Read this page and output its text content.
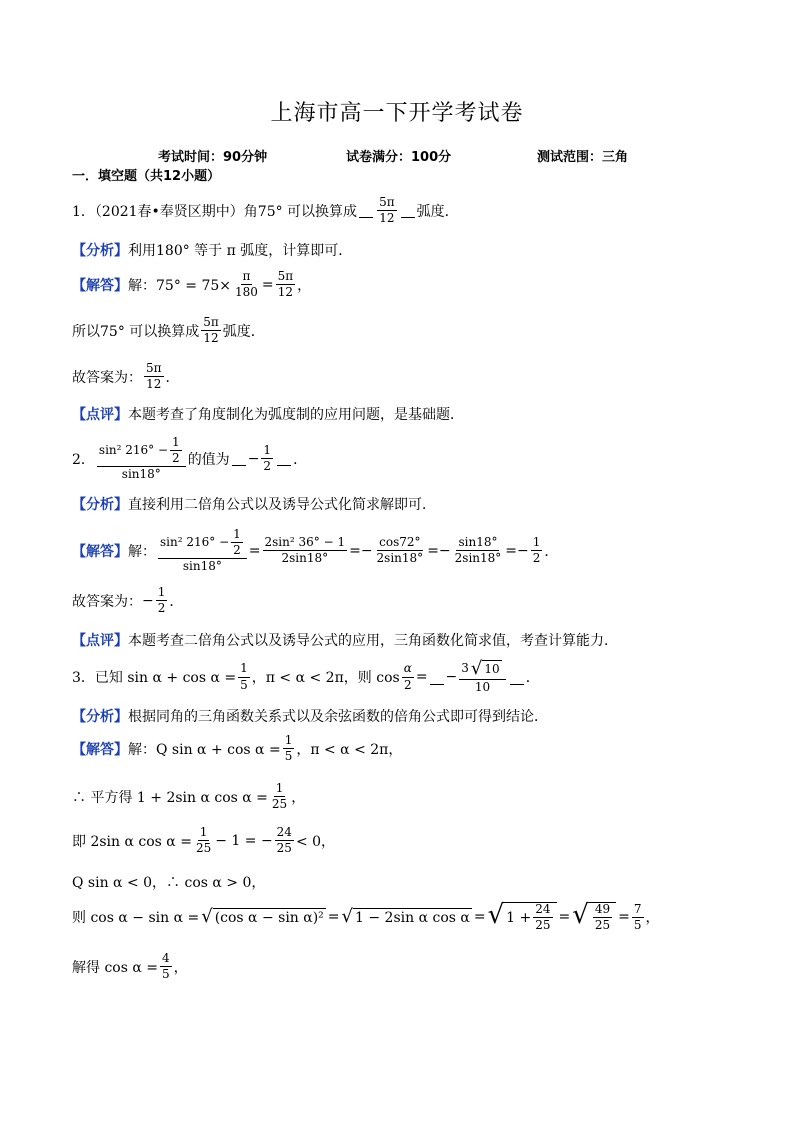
上海市高一下开学考试卷
考试时间：90分钟	试卷满分：100分	测试范围：三角
一．填空题（共12小题）
1．（2021春•奉贤区期中）角75° 可以换算成 $\frac{5\pi}{12}$ 弧度．
【分析】 利用180° 等于 π 弧度，计算即可．
【解答】 解：$75^\circ = 75\times \frac{\pi}{180} = \frac{5\pi}{12}$ ，
所以75° 可以换算成 $\frac{5\pi}{12}$ 弧度．
故答案为： $\frac{5\pi}{12}$ ．
【点评】 本题考查了角度制化为弧度制的应用问题，是基础题．
2． $\frac{\sin^2 216^\circ - \frac{1}{2}}{\sin 18^\circ}$ 的值为 − $\frac{1}{2}$ ．
【分析】 直接利用二倍角公式以及诱导公式化简求解即可．
【解答】 解： $\frac{\sin^2 216^\circ - \frac{1}{2}}{\sin 18^\circ} = \frac{\text{2sin² 36° − 1}}{2\sin 18^\circ}$ = − $\frac{\cos 72^\circ}{2\sin 18^\circ}$ = − $\frac{\sin 18^\circ}{2\sin 18^\circ}$ = − $\frac{1}{2}$ ．
故答案为： − $\frac{1}{2}$ ．
【点评】 本题考查二倍角公式以及诱导公式的应用，三角函数化简求值，考查计算能力．
3．已知 $\sin \alpha + \cos \alpha = \frac{1}{5}$ ，π < α < 2π，则 $\cos \frac{\alpha}{2}$ = − $\frac{3 √ 10}{10}$ ．
【分析】 根据同角的三角函数关系式以及余弦函数的倍角公式即可得到结论．
【解答】 解：Q $\sin \alpha + \cos \alpha = \frac{1}{5}$ ，π < α < 2π，
∴ 平方得 1 + 2sin α $\cos \alpha = \frac{1}{25}$ ，
即 2sin α $\cos \alpha = \frac{1}{25} - 1$ = − $\frac{24}{25} < 0$，
Q sin α < 0，∴ cos α > 0，
则 cos α − sin α = √ (cos α − sin α)² = √ 1 − 2sin α cos α = √ $1 + \frac{24}{25}$ = √ $\frac{49}{25} = \frac{7}{5}$ ，
解得 $\cos \alpha = \frac{4}{5}$ ，
